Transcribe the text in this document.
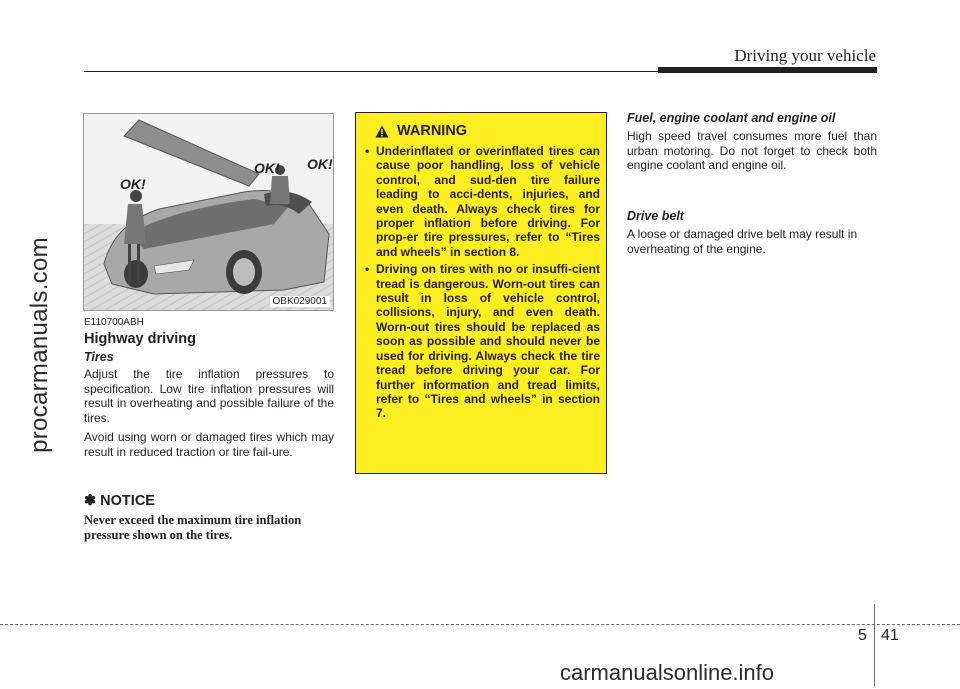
Driving your vehicle
procarmanuals.com
OK!
OK! OK!
OBK029001
E110700ABH
Highway driving
Tires
Adjust the tire inflation pressures to specification. Low tire inflation pressures will result in overheating and possible failure of the tires.
Avoid using worn or damaged tires which may result in reduced traction or tire fail-ure.
✽ NOTICE
Never exceed the maximum tire inflation pressure shown on the tires.
WARNING
• Underinflated or overinflated tires can cause poor handling, loss of vehicle control, and sud-den tire failure leading to acci-dents, injuries, and even death. Always check tires for proper inflation before driving. For prop-er tire pressures, refer to “Tires and wheels” in section 8.
• Driving on tires with no or insuffi-cient tread is dangerous. Worn-out tires can result in loss of vehicle control, collisions, injury, and even death. Worn-out tires should be replaced as soon as possible and should never be used for driving. Always check the tire tread before driving your car. For further information and tread limits, refer to “Tires and wheels” in section 7.
Fuel, engine coolant and engine oil
High speed travel consumes more fuel than urban motoring. Do not forget to check both engine coolant and engine oil.
Drive belt
A loose or damaged drive belt may result in overheating of the engine.
5 41
carmanualsonline.info
